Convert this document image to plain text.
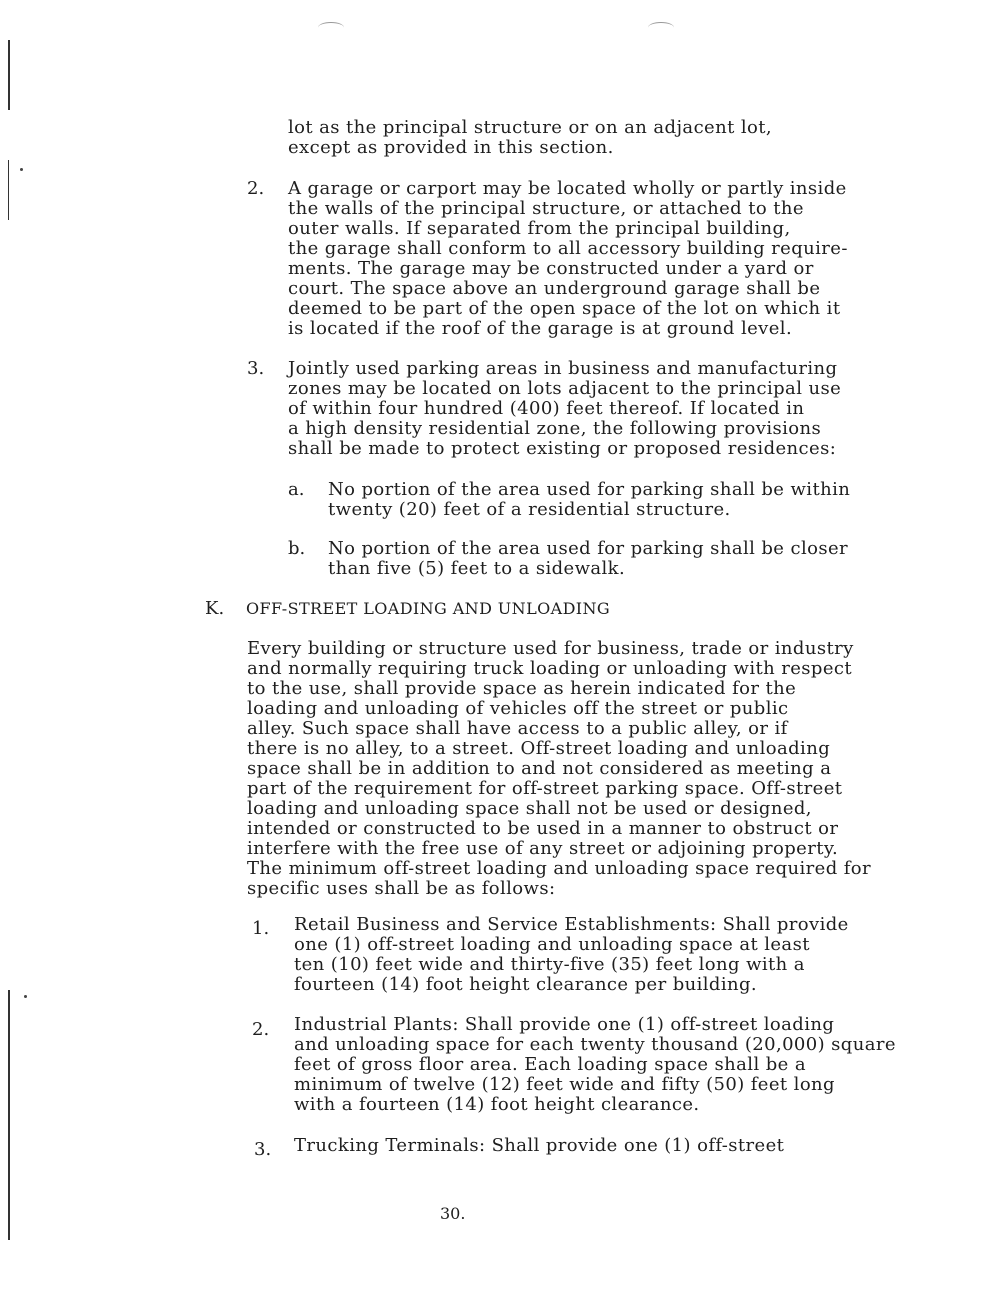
lot as the principal structure or on an adjacent lot,
except as provided in this section.
2. A garage or carport may be located wholly or partly inside
the walls of the principal structure, or attached to the
outer walls. If separated from the principal building,
the garage shall conform to all accessory building require-
ments. The garage may be constructed under a yard or
court. The space above an underground garage shall be
deemed to be part of the open space of the lot on which it
is located if the roof of the garage is at ground level.
3. Jointly used parking areas in business and manufacturing
zones may be located on lots adjacent to the principal use
of within four hundred (400) feet thereof. If located in
a high density residential zone, the following provisions
shall be made to protect existing or proposed residences:
a. No portion of the area used for parking shall be within
twenty (20) feet of a residential structure.
b. No portion of the area used for parking shall be closer
than five (5) feet to a sidewalk.
K. OFF-STREET LOADING AND UNLOADING
Every building or structure used for business, trade or industry
and normally requiring truck loading or unloading with respect
to the use, shall provide space as herein indicated for the
loading and unloading of vehicles off the street or public
alley. Such space shall have access to a public alley, or if
there is no alley, to a street. Off-street loading and unloading
space shall be in addition to and not considered as meeting a
part of the requirement for off-street parking space. Off-street
loading and unloading space shall not be used or designed,
intended or constructed to be used in a manner to obstruct or
interfere with the free use of any street or adjoining property.
The minimum off-street loading and unloading space required for
specific uses shall be as follows:
1. Retail Business and Service Establishments: Shall provide
one (1) off-street loading and unloading space at least
ten (10) feet wide and thirty-five (35) feet long with a
fourteen (14) foot height clearance per building.
2. Industrial Plants: Shall provide one (1) off-street loading
and unloading space for each twenty thousand (20,000) square
feet of gross floor area. Each loading space shall be a
minimum of twelve (12) feet wide and fifty (50) feet long
with a fourteen (14) foot height clearance.
3. Trucking Terminals: Shall provide one (1) off-street
30.
